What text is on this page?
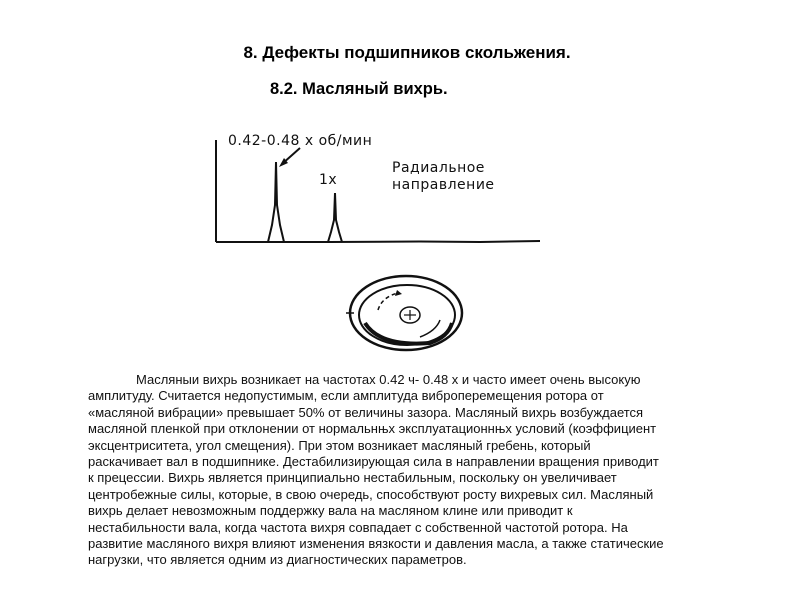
8. Дефекты подшипников скольжения.
8.2. Масляный вихрь.
0.42-0.48 х об/мин
1х
Радиальное
направление
Масляныи вихрь возникает на частотах 0.42 ч- 0.48 х и часто имеет очень высокую
амплитуду. Считается недопустимым, если амплитуда виброперемещения ротора от
«масляной вибрации» превышает 50% от величины зазора. Масляный вихрь возбуждается
масляной пленкой при отклонении от нормальнњх эксплуатационнњх условий (коэффициент
эксцентриситета, угол смещения). При этом возникает масляный гребень, который
раскачивает вал в подшипнике. Дестабилизирующая сила в направлении вращения приводит
к прецессии. Вихрь является принципиально нестабильным, поскольку он увеличивает
центробежные силы, которые, в свою очередь, способствуют росту вихревых сил. Масляный
вихрь делает невозможным поддержку вала на масляном клине или приводит к
нестабильности вала, когда частота вихря совпадает с собственной частотой ротора. На
развитие масляного вихря влияют изменения вязкости и давления масла, а также статические
нагрузки, что является одним из диагностических параметров.
